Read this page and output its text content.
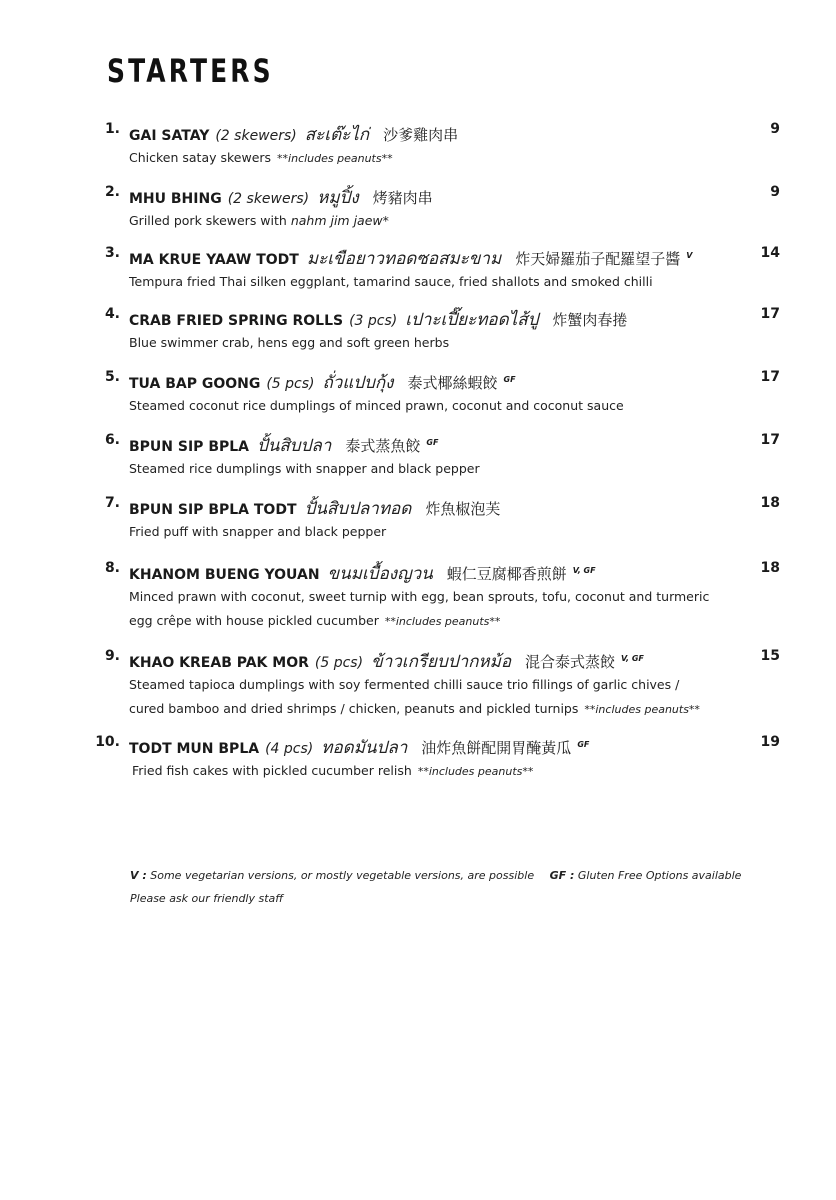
STARTERS
1. GAI SATAY (2 skewers) สะเต๊ะไก่ 沙爹雞肉串	9
Chicken satay skewers **includes peanuts**
2. MHU BHING (2 skewers) หมูปิ้ง 烤豬肉串	9
Grilled pork skewers with nahm jim jaew*
3. MA KRUE YAAW TODT มะเขือยาวทอดซอสมะขาม 炸天婦羅茄子配羅望子醬 $^V$	14
Tempura fried Thai silken eggplant, tamarind sauce, fried shallots and smoked chilli
4. CRAB FRIED SPRING ROLLS (3 pcs) เปาะเปี๊ยะทอดไส้ปู 炸蟹肉春捲	17
Blue swimmer crab, hens egg and soft green herbs
5. TUA BAP GOONG (5 pcs) ถั่วแปบกุ้ง 泰式椰絲蝦餃 $^{GF}$	17
Steamed coconut rice dumplings of minced prawn, coconut and coconut sauce
6. BPUN SIP BPLA ปั้นสิบปลา 泰式蒸魚餃 $^{GF}$	17
Steamed rice dumplings with snapper and black pepper
7. BPUN SIP BPLA TODT ปั้นสิบปลาทอด 炸魚椒泡芙	18
Fried puff with snapper and black pepper
8. KHANOM BUENG YOUAN ขนมเบื้องญวน 蝦仁豆腐椰香煎餅 $^{V, GF}$	18
Minced prawn with coconut, sweet turnip with egg, bean sprouts, tofu, coconut and turmeric
egg crêpe with house pickled cucumber **includes peanuts**
9. KHAO KREAB PAK MOR (5 pcs) ข้าวเกรียบปากหม้อ 混合泰式蒸餃 $^{V, GF}$	15
Steamed tapioca dumplings with soy fermented chilli sauce trio fillings of garlic chives /
cured bamboo and dried shrimps / chicken, peanuts and pickled turnips **includes peanuts**
10. TODT MUN BPLA (4 pcs) ทอดมันปลา 油炸魚餅配開胃醃黃瓜 $^{GF}$	19
Fried fish cakes with pickled cucumber relish **includes peanuts**
V : Some vegetarian versions, or mostly vegetable versions, are possible GF : Gluten Free Options available
Please ask our friendly staff
